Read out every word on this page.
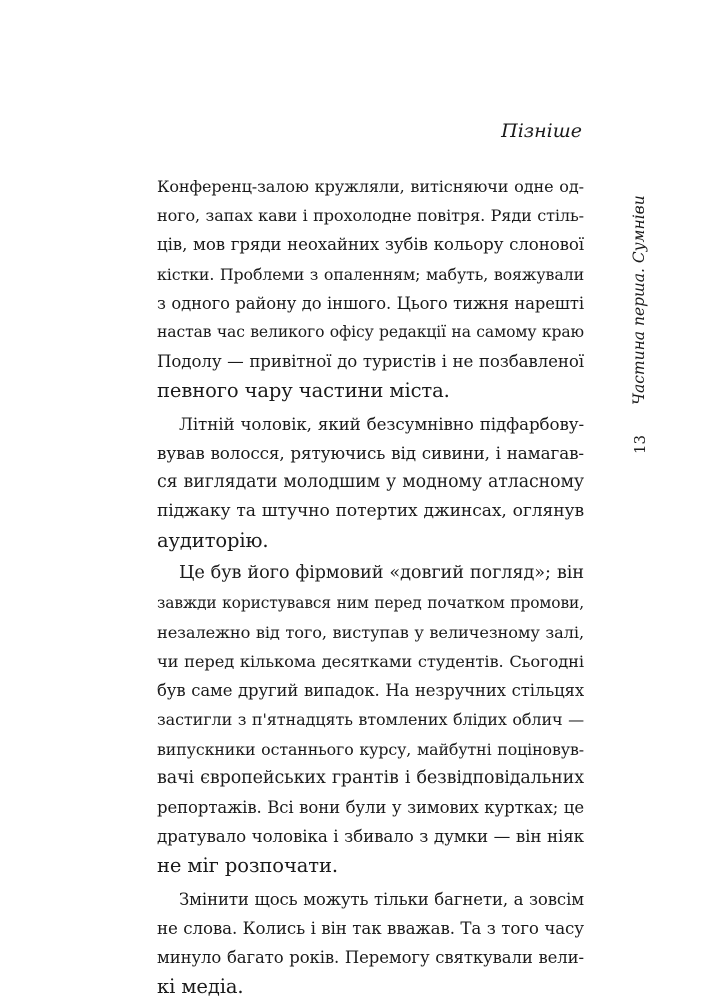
Пізніше
Конференц-залою кружляли, витісняючи одне од-
ного, запах кави і прохолодне повітря. Ряди стіль-
ців, мов гряди неохайних зубів кольору слонової
кістки. Проблеми з опаленням; мабуть, вояжували
з одного району до іншого. Цього тижня нарешті
настав час великого офісу редакції на самому краю
Подолу — привітної до туристів і не позбавленої
певного чару частини міста.
Літній чоловік, який безсумнівно підфарбову-
вував волосся, рятуючись від сивини, і намагав-
ся виглядати молодшим у модному атласному
піджаку та штучно потертих джинсах, оглянув
аудиторію.
Це був його фірмовий «довгий погляд»; він
завжди користувався ним перед початком промови,
незалежно від того, виступав у величезному залі,
чи перед кількома десятками студентів. Сьогодні
був саме другий випадок. На незручних стільцях
застигли з п'ятнадцять втомлених блідих облич —
випускники останнього курсу, майбутні поціновув-
вачі європейських грантів і безвідповідальних
репортажів. Всі вони були у зимових куртках; це
дратувало чоловіка і збивало з думки — він ніяк
не міг розпочати.
Змінити щось можуть тільки багнети, а зовсім
не слова. Колись і він так вважав. Та з того часу
минуло багато років. Перемогу святкували вели-
кі медіа.
Частина перша. Сумніви
13
